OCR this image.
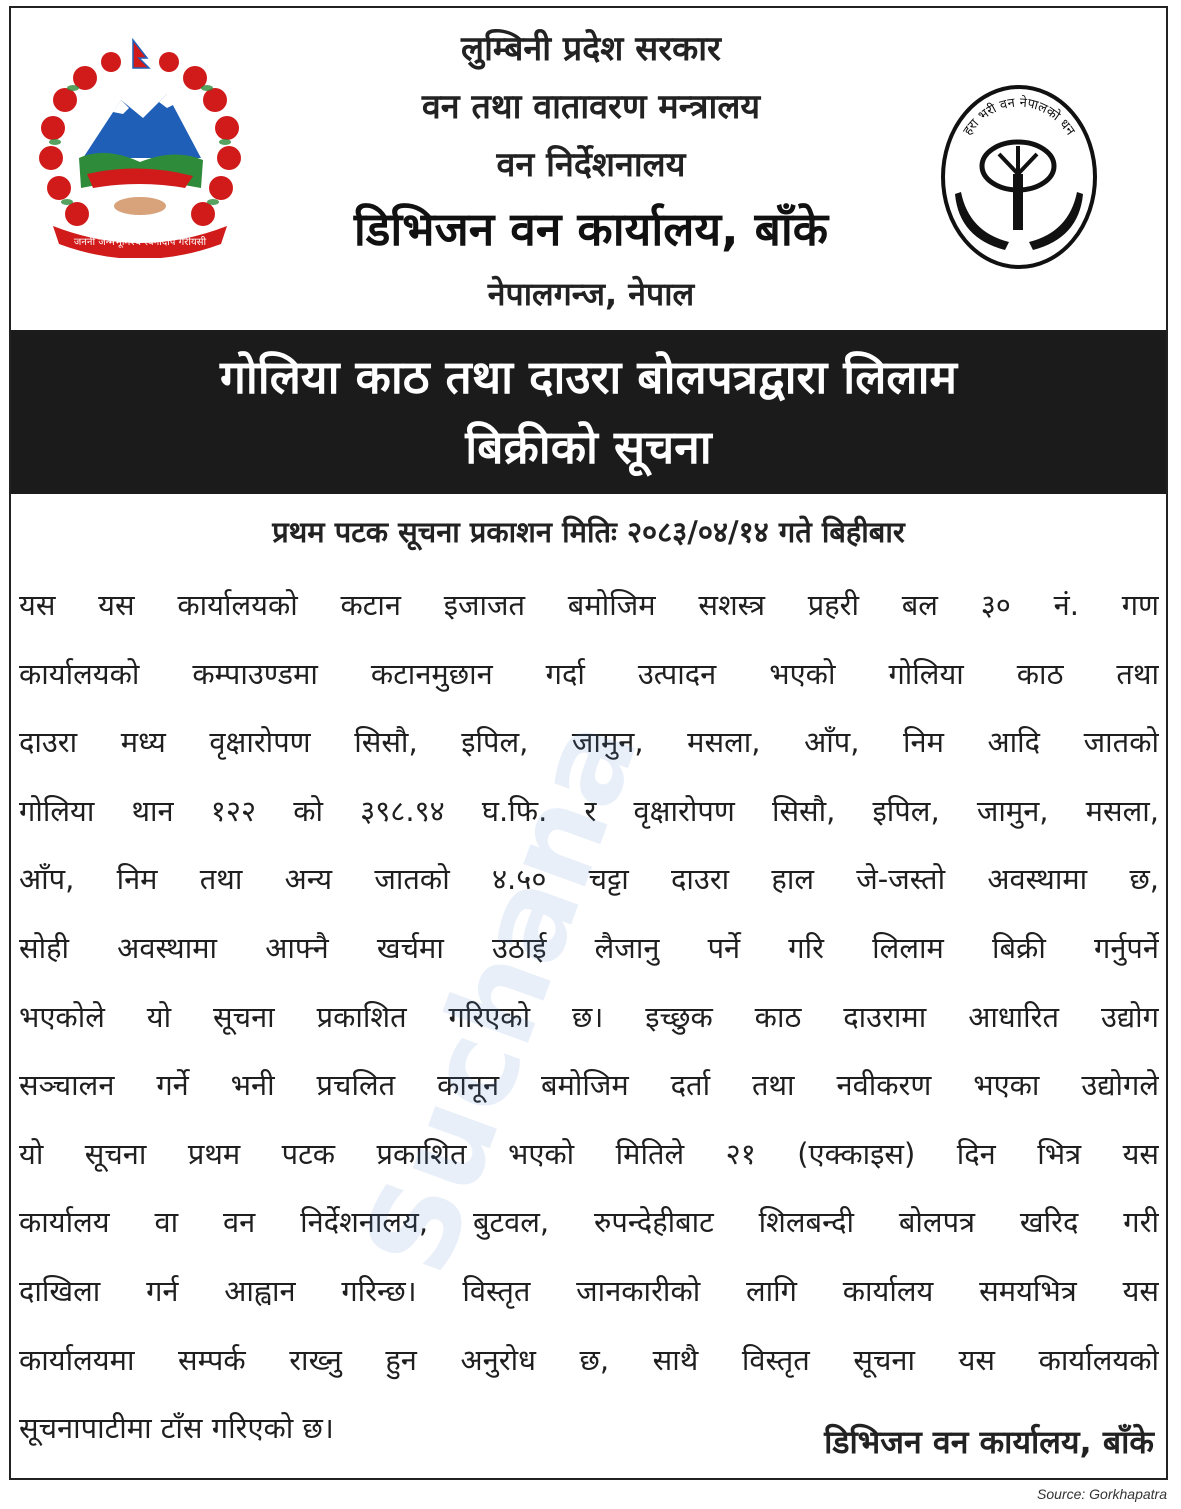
जननी जन्मभूमिश्च स्वर्गादपि गरीयसी
लुम्बिनी प्रदेश सरकार
वन तथा वातावरण मन्त्रालय
वन निर्देशनालय
डिभिजन वन कार्यालय, बाँके
नेपालगन्ज, नेपाल
हरा भरी वन नेपालको धन
गोलिया काठ तथा दाउरा बोलपत्रद्वारा लिलाम
बिक्रीको सूचना
प्रथम पटक सूचना प्रकाशन मितिः २०८३/०४/१४ गते बिहीबार
यस यस कार्यालयको कटान इजाजत बमोजिम सशस्त्र प्रहरी बल ३० नं. गण
कार्यालयको कम्पाउण्डमा कटानमुछान गर्दा उत्पादन भएको गोलिया काठ तथा
दाउरा मध्य वृक्षारोपण सिसौ, इपिल, जामुन, मसला, आँप, निम आदि जातको
गोलिया थान १२२ को ३९८.९४ घ.फि. र वृक्षारोपण सिसौ, इपिल, जामुन, मसला,
आँप, निम तथा अन्य जातको ४.५० चट्टा दाउरा हाल जे-जस्तो अवस्थामा छ,
सोही अवस्थामा आफ्नै खर्चमा उठाई लैजानु पर्ने गरि लिलाम बिक्री गर्नुपर्ने
भएकोले यो सूचना प्रकाशित गरिएको छ। इच्छुक काठ दाउरामा आधारित उद्योग
सञ्चालन गर्ने भनी प्रचलित कानून बमोजिम दर्ता तथा नवीकरण भएका उद्योगले
यो सूचना प्रथम पटक प्रकाशित भएको मितिले २१ (एक्काइस) दिन भित्र यस
कार्यालय वा वन निर्देशनालय, बुटवल, रुपन्देहीबाट शिलबन्दी बोलपत्र खरिद गरी
दाखिला गर्न आह्वान गरिन्छ। विस्तृत जानकारीको लागि कार्यालय समयभित्र यस
कार्यालयमा सम्पर्क राख्नु हुन अनुरोध छ, साथै विस्तृत सूचना यस कार्यालयको
सूचनापाटीमा टाँस गरिएको छ।	डिभिजन वन कार्यालय, बाँके
Source: Gorkhapatra
